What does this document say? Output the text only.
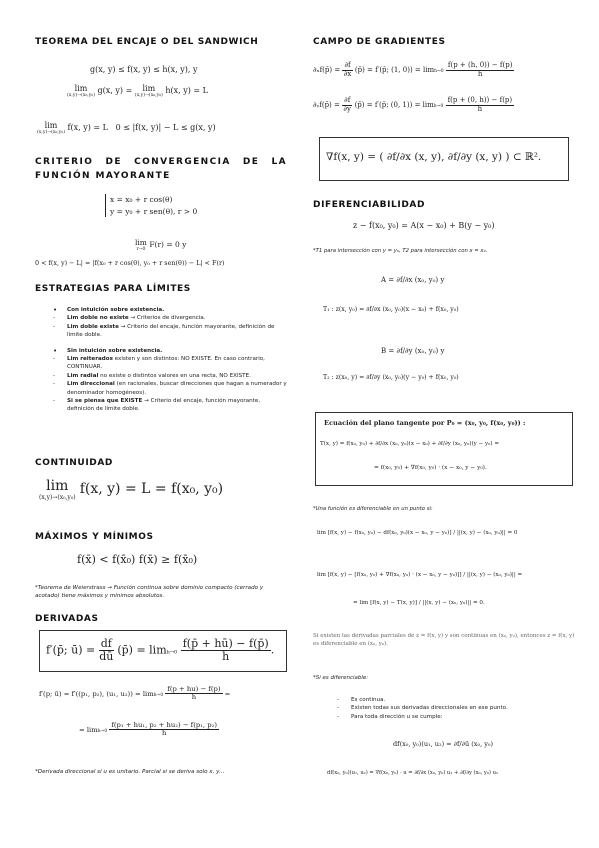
TEOREMA DEL ENCAJE O DEL SANDWICH
g(x, y) ≤ f(x, y) ≤ h(x, y), y
lim
(x,y)→(x₀,y₀)
g(x, y) = lim
(x,y)→(x₀,y₀)
h(x, y) = L
lim
(x,y)→(x₀,y₀)
f(x, y) = L 0 ≤ |f(x, y)| − L ≤ g(x, y)
CRITERIO DE CONVERGENCIA DE LA FUNCIÓN MAYORANTE
x = x₀ + r cos(θ)
y = y₀ + r sen(θ), r > 0
lim
r→0
F(r) = 0 y
0 < f(x, y) − L| = |f(x₀ + r cos(θ), y₀ + r sen(θ)) − L| < F(r)
ESTRATEGIAS PARA LÍMITES
• Con intuición sobre existencia.
- Lim doble no existe → Criterios de divergencia.
- Lim doble existe → Criterio del encaje, función mayorante, definición de límite doble.
• Sin intuición sobre existencia.
- Lim reiterados existen y son distintos: NO EXISTE. En caso contrario, CONTINUAR.
- Lim radial no existe o distintos valores en una recta, NO EXISTE.
- Lim direccional (en racionales, buscar direcciones que hagan a numerador y denominador homogéneos).
- Si se piensa que EXISTE → Criterio del encaje, función mayorante, definición de límite doble.
CONTINUIDAD
lim
(x,y)→(x₀,y₀)
f(x, y) = L = f(x₀, y₀)
MÁXIMOS Y MÍNIMOS
f(x̄) < f(x̄₀) f(x̄) ≥ f(x̄₀)
*Teorema de Weierstrass → Función continua sobre dominio compacto (cerrado y acotado) tiene máximos y mínimos absolutos.
DERIVADAS
f′(p̄; ū) = $\frac{df}{dū}$ (p̄) = $\lim h\to 0 \frac{f(p̄ + hū) - f(p̄)}{h}$ .
f′(p; ū) = f′((p₁, p₂), (u₁, $u_2)) = \lim h\to 0 \frac{f(p + hu) - f(p)}{h}$ =
= $\lim h\to 0 \frac{\text{f(p₁ + hu₁, p₂ + hu₂) − f(p₁, p₂)}}{h}$
*Derivada direccional si u es unitario. Parcial si se deriva solo x, y...
CAMPO DE GRADIENTES
∂ₓf(p̄) = $\frac{\partial f}{\partial x}$ (p̄) = f′(p̄; (1, $0)) = \lim h\to 0 \frac{f(p + (h, 0)) - f(p)}{h}$
∂ᵧf(p̄) = $\frac{\partial f}{\partial y}$ (p̄) = f′(p̄; (0, $1)) = \lim h\to 0 \frac{f(p + (0, h)) - f(p)}{h}$
∇f(x, y) = ( ∂f/∂x (x, y), ∂f/∂y (x, y) ) ⊂ ℝ².
DIFERENCIABILIDAD
z − f(x₀, y₀) = A(x − x₀) + B(y − y₀)
*T1 para intersección con y = y₀, T2 para intersección con x = x₀.
A = ∂f/∂x (x₀, y₀) y
T₁ : z(x, y₀) = ∂f/∂x (x₀, y₀)(x − x₀) + f(x₀, y₀)
B = ∂f/∂y (x₀, y₀) y
T₂ : z(x₀, y) = ∂f/∂y (x₀, y₀)(y − y₀) + f(x₀, y₀)
Ecuación del plano tangente por P₀ = (x₀, y₀, f(x₀, y₀)) :
T(x, y) = f(x₀, y₀) + ∂f/∂x (x₀, y₀)(x − x₀) + ∂f/∂y (x₀, y₀)(y − y₀) =
= f(x₀, y₀) + ∇f(x₀, y₀) · (x − x₀, y − y₀).
*Una función es diferenciable en un punto si:
lim [f(x, y) − f(x₀, y₀) − df(x₀, y₀)(x − x₀, y − y₀)] / ||(x, y) − (x₀, y₀)|| = 0
lim [f(x, y) − [f(x₀, y₀) + ∇f(x₀, y₀) · (x − x₀, y − y₀)]] / ||(x, y) − (x₀, y₀)|| =
= lim [f(x, y) − T(x, y)] / ||(x, y) − (x₀, y₀)|| = 0.
Si existen las derivadas parciales de z = f(x, y) y son continuas en (x₀, y₀), entonces z = f(x, y) es diferenciable en (x₀, y₀).
*Si es diferenciable:
- Es continua.
- Existen todas sus derivadas direccionales en ese punto.
- Para toda dirección u se cumple:
df(x₀, y₀)(u₁, u₂) = ∂f/∂ū (x₀, y₀)
df(x₀, y₀)(u₁, u₂) = ∇f(x₀, y₀) · u = ∂f/∂x (x₀, y₀) u₁ + ∂f/∂y (x₀, y₀) u₂
